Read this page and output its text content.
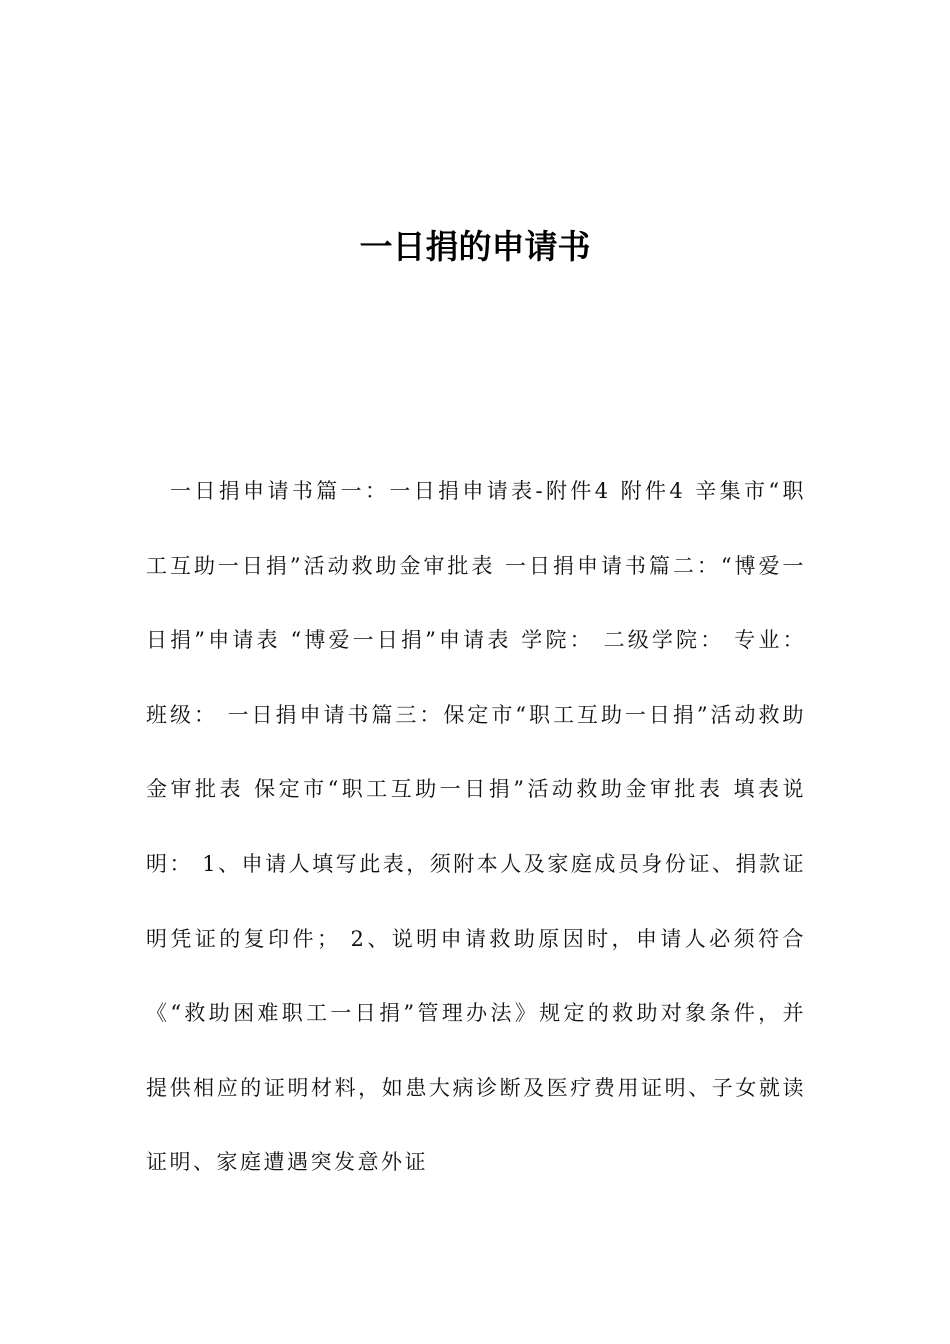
一日捐的申请书

一日捐申请书篇一：一日捐申请表-附件4 附件4 辛集市“职工互助一日捐”活动救助金审批表 一日捐申请书篇二：“博爱一日捐”申请表 “博爱一日捐”申请表 学院： 二级学院： 专业： 班级： 一日捐申请书篇三：保定市“职工互助一日捐”活动救助金审批表 保定市“职工互助一日捐”活动救助金审批表 填表说明： 1、申请人填写此表，须附本人及家庭成员身份证、捐款证明凭证的复印件； 2、说明申请救助原因时，申请人必须符合《“救助困难职工一日捐”管理办法》规定的救助对象条件，并提供相应的证明材料，如患大病诊断及医疗费用证明、子女就读证明、家庭遭遇突发意外证
